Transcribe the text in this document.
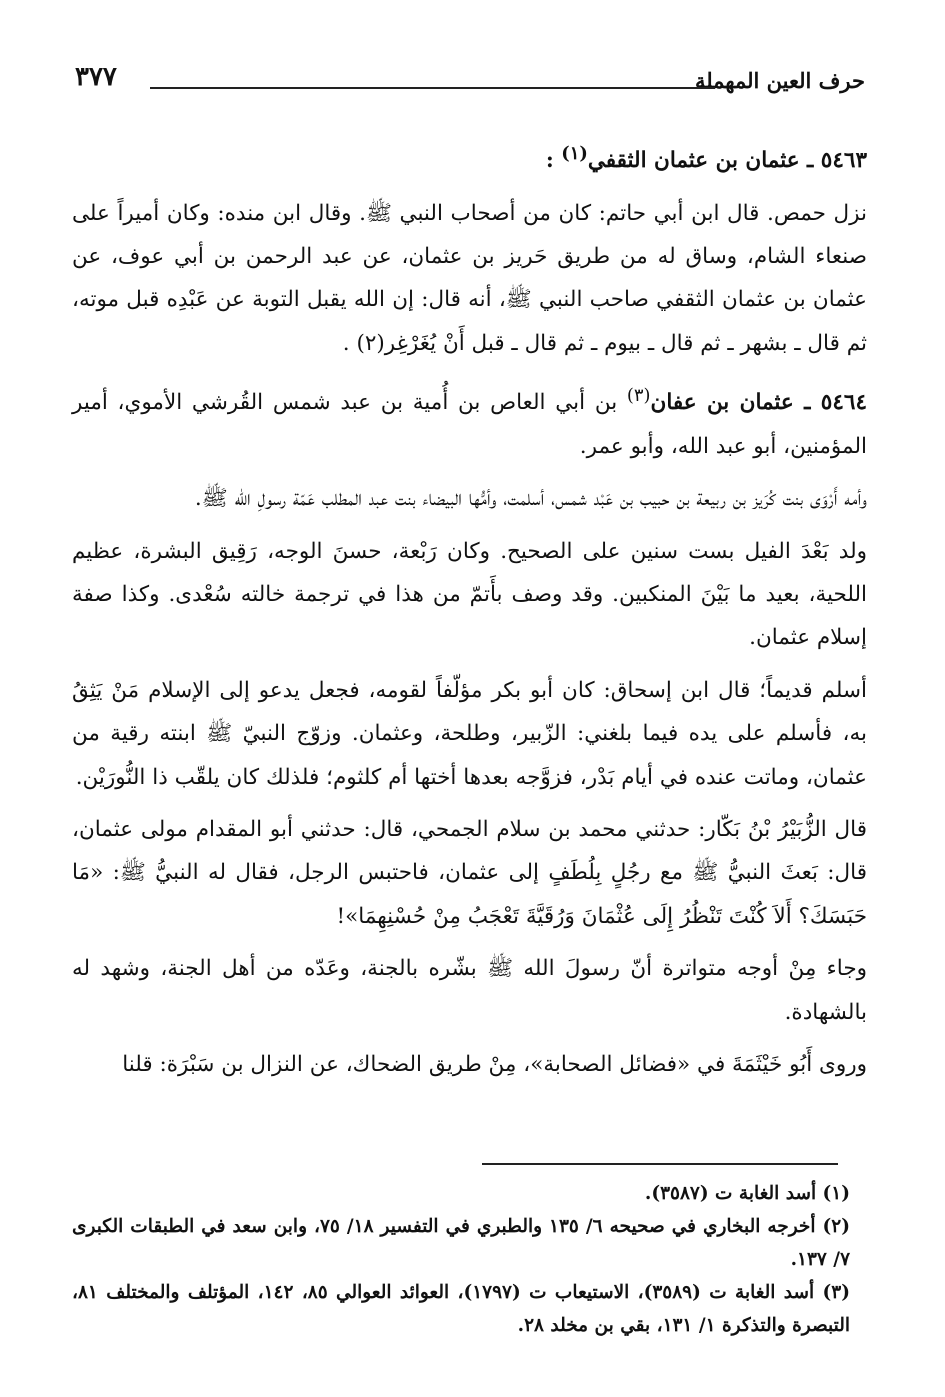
حرف العين المهملة
٣٧٧

٥٤٦٣ ـ عثمان بن عثمان الثقفي$^{(١)}$ :

نزل حمص. قال ابن أبي حاتم: كان من أصحاب النبي ﷺ. وقال ابن منده: وكان أميراً على صنعاء الشام، وساق له من طريق حَريز بن عثمان، عن عبد الرحمن بن أبي عوف، عن عثمان بن عثمان الثقفي صاحب النبي ﷺ، أنه قال: إن الله يقبل التوبة عن عَبْدِه قبل موته، ثم قال ـ بشهر ـ ثم قال ـ بيوم ـ ثم قال ـ قبل أَنْ يُغَرْغِر(٢) .

٥٤٦٤ ـ عثمان بن عفان$^{(٣)}$ بن أبي العاص بن أُمية بن عبد شمس القُرشي الأموي، أمير المؤمنين، أبو عبد الله، وأبو عمر.

وأمه أَرْوَى بنت كُرَيز بن ربيعة بن حبيب بن عَبْد شمس، أسلمت، وأمُّها البيضاء بنت عبد المطلب عَمّة رسولِ الله ﷺ.

ولد بَعْدَ الفيل بست سنين على الصحيح. وكان رَبْعة، حسنَ الوجه، رَقِيق البشرة، عظيم اللحية، بعيد ما بَيْنَ المنكبين. وقد وصف بأَتمّ من هذا في ترجمة خالته سُعْدى. وكذا صفة إسلام عثمان.

أسلم قديماً؛ قال ابن إسحاق: كان أبو بكر مؤلّفاً لقومه، فجعل يدعو إلى الإسلام مَنْ يَثِقُ به، فأسلم على يده فيما بلغني: الزّبير، وطلحة، وعثمان. وزوّج النبيّ ﷺ ابنته رقية من عثمان، وماتت عنده في أيام بَدْر، فزوَّجه بعدها أختها أم كلثوم؛ فلذلك كان يلقّب ذا النُّورَيْن.

قال الزُّبَيْرُ بْنُ بَكّار: حدثني محمد بن سلام الجمحي، قال: حدثني أبو المقدام مولى عثمان، قال: بَعثَ النبيُّ ﷺ مع رجُلٍ بِلُطَفٍ إلى عثمان، فاحتبس الرجل، فقال له النبيُّ ﷺ: «مَا حَبَسَكَ؟ أَلاَ كُنْتَ تَنْظُرُ إِلَى عُثْمَانَ وَرُقَيَّةَ تَعْجَبُ مِنْ حُسْنِهِمَا»!

وجاء مِنْ أوجه متواترة أنّ رسولَ الله ﷺ بشّره بالجنة، وعَدّه من أهل الجنة، وشهد له بالشهادة.

وروى أَبُو خَيْثَمَةَ في «فضائل الصحابة»، مِنْ طريق الضحاك، عن النزال بن سَبْرَة: قلنا

(١) أسد الغابة ت (٣٥٨٧).

(٢) أخرجه البخاري في صحيحه ٦/ ١٣٥ والطبري في التفسير ١٨/ ٧٥، وابن سعد في الطبقات الكبرى ٧/ ١٣٧.

(٣) أسد الغابة ت (٣٥٨٩)، الاستيعاب ت (١٧٩٧)، العوائد العوالي ٨٥، ١٤٢، المؤتلف والمختلف ٨١، التبصرة والتذكرة ١/ ١٣١، بقي بن مخلد ٢٨.
